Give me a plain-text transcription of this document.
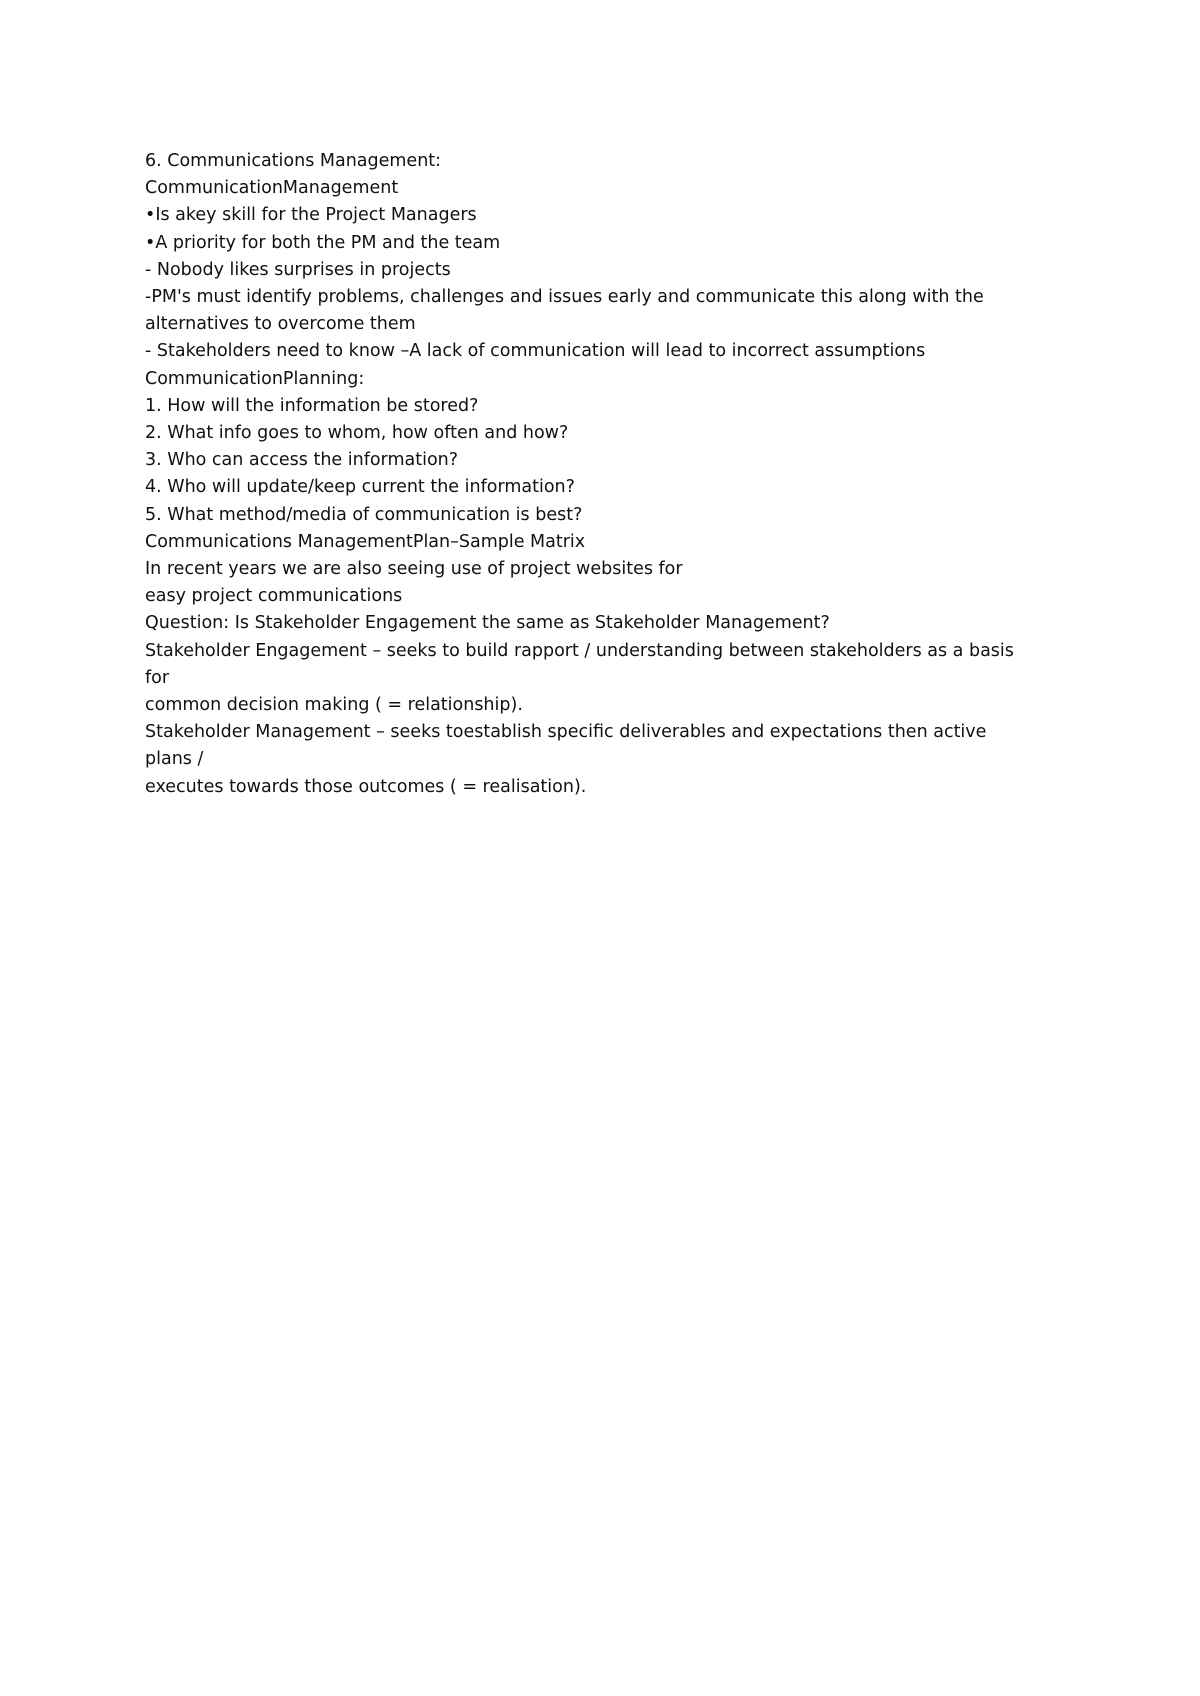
6. Communications Management:
CommunicationManagement
•Is akey skill for the Project Managers
•A priority for both the PM and the team
- Nobody likes surprises in projects
-PM's must identify problems, challenges and issues early and communicate this along with the
alternatives to overcome them
- Stakeholders need to know –A lack of communication will lead to incorrect assumptions
CommunicationPlanning:
1. How will the information be stored?
2. What info goes to whom, how often and how?
3. Who can access the information?
4. Who will update/keep current the information?
5. What method/media of communication is best?
Communications ManagementPlan–Sample Matrix
In recent years we are also seeing use of project websites for
easy project communications
Question: Is Stakeholder Engagement the same as Stakeholder Management?
Stakeholder Engagement – seeks to build rapport / understanding between stakeholders as a basis
for
common decision making ( = relationship).
Stakeholder Management – seeks toestablish specific deliverables and expectations then active
plans /
executes towards those outcomes ( = realisation).
